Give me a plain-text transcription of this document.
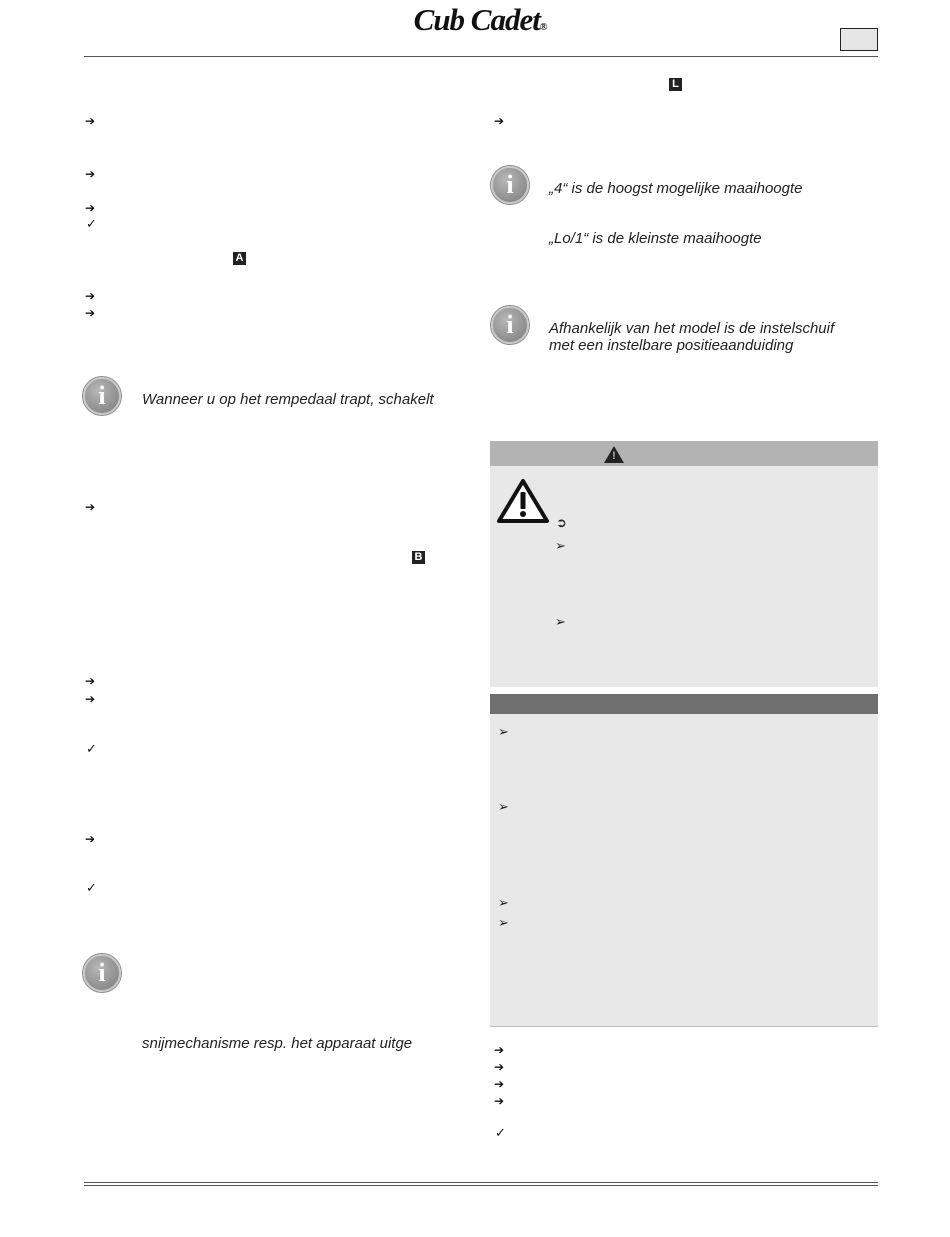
Cub Cadet®
➔
➔
➔
✓
A
➔
➔
i	Wanneer u op het rempedaal trapt, schakelt
➔
B
➔
➔
✓
➔
✓
i
snijmechanisme resp. het apparaat uitge
L
➔
i	„4“ is de hoogst mogelijke maaihoogte
„Lo/1“ is de kleinste maaihoogte
i	Afhankelijk van het model is de instelschuif
met een instelbare positieaanduiding
!
➲
➢
➢
➢
➢
➢
➢
➔
➔
➔
➔
✓
